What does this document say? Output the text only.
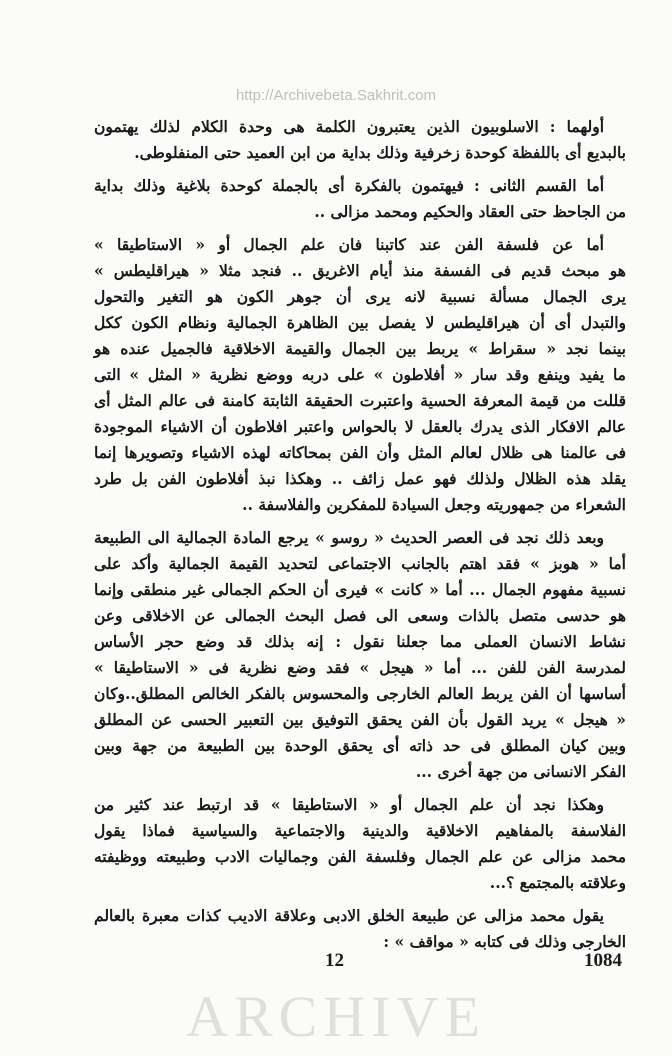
http://Archivebeta.Sakhrit.com
أولهما : الاسلوبيون الذين يعتبرون الكلمة هى وحدة الكلام لذلك يهتمون
بالبديع أى باللفظة كوحدة زخرفية وذلك بداية من ابن العميد حتى المنفلوطى.
أما القسم الثانى : فيهتمون بالفكرة أى بالجملة كوحدة بلاغية وذلك بداية
من الجاحظ حتى العقاد والحكيم ومحمد مزالى ..
أما عن فلسفة الفن عند كاتبنا فان علم الجمال أو « الاستاطيقا »
هو مبحث قديم فى الفسفة منذ أيام الاغريق .. فنجد مثلا « هيراقليطس »
يرى الجمال مسألة نسبية لانه يرى أن جوهر الكون هو التغير والتحول
والتبدل أى أن هيراقليطس لا يفصل بين الظاهرة الجمالية ونظام الكون ككل
بينما نجد « سقراط » يربط بين الجمال والقيمة الاخلاقية فالجميل عنده هو
ما يفيد وينفع وقد سار « أفلاطون » على دربه ووضع نظرية « المثل » التى
قللت من قيمة المعرفة الحسية واعتبرت الحقيقة الثابتة كامنة فى عالم المثل أى
عالم الافكار الذى يدرك بالعقل لا بالحواس واعتبر افلاطون أن الاشياء الموجودة
فى عالمنا هى ظلال لعالم المثل وأن الفن بمحاكاته لهذه الاشياء وتصويرها إنما
يقلد هذه الظلال ولذلك فهو عمل زائف .. وهكذا نبذ أفلاطون الفن بل طرد
الشعراء من جمهوريته وجعل السيادة للمفكرين والفلاسفة ..
وبعد ذلك نجد فى العصر الحديث « روسو » يرجع المادة الجمالية الى الطبيعة
أما « هوبز » فقد اهتم بالجانب الاجتماعى لتحديد القيمة الجمالية وأكد على
نسبية مفهوم الجمال ... أما « كانت » فيرى أن الحكم الجمالى غير منطقى وإنما
هو حدسى متصل بالذات وسعى الى فصل البحث الجمالى عن الاخلاقى وعن
نشاط الانسان العملى مما جعلنا نقول : إنه بذلك قد وضع حجر الأساس
لمدرسة الفن للفن ... أما « هيجل » فقد وضع نظرية فى « الاستاطيقا »
أساسها أن الفن يربط العالم الخارجى والمحسوس بالفكر الخالص المطلق..وكان
« هيجل » يريد القول بأن الفن يحقق التوفيق بين التعبير الحسى عن المطلق
وبين كيان المطلق فى حد ذاته أى يحقق الوحدة بين الطبيعة من جهة وبين
الفكر الانسانى من جهة أخرى ...
وهكذا نجد أن علم الجمال أو « الاستاطيقا » قد ارتبط عند كثير من
الفلاسفة بالمفاهيم الاخلاقية والدينية والاجتماعية والسياسية فماذا يقول
محمد مزالى عن علم الجمال وفلسفة الفن وجماليات الادب وطبيعته ووظيفته
وعلاقته بالمجتمع ؟...
يقول محمد مزالى عن طبيعة الخلق الادبى وعلاقة الاديب كذات معبرة بالعالم
الخارجى وذلك فى كتابه « مواقف » :
12	1084
ARCHIVE
